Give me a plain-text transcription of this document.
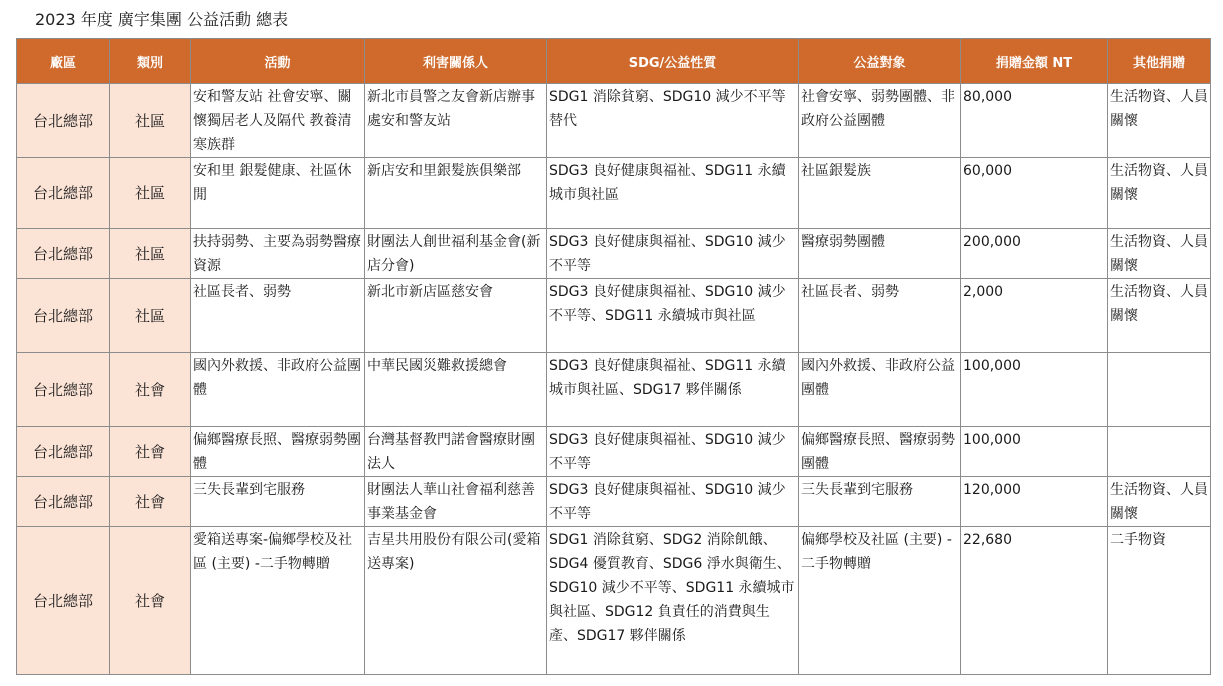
2023 年度 廣宇集團 公益活動 總表
廠區	類別	活動	利害關係人	SDG/公益性質	公益對象	捐贈金額 NT	其他捐贈
台北總部	社區	安和警友站 社會安寧、關懷獨居老人及隔代 教養清寒族群	新北市員警之友會新店辦事處安和警友站	SDG1 消除貧窮、SDG10 減少不平等替代	社會安寧、弱勢團體、非政府公益團體	80,000	生活物資、人員關懷
台北總部	社區	安和里 銀髮健康、社區休閒	新店安和里銀髮族俱樂部	SDG3 良好健康與福祉、SDG11 永續城市與社區	社區銀髮族	60,000	生活物資、人員關懷
台北總部	社區	扶持弱勢、主要為弱勢醫療資源	財團法人創世福利基金會(新店分會)	SDG3 良好健康與福祉、SDG10 減少不平等	醫療弱勢團體	200,000	生活物資、人員關懷
台北總部	社區	社區長者、弱勢	新北市新店區慈安會	SDG3 良好健康與福祉、SDG10 減少不平等、SDG11 永續城市與社區	社區長者、弱勢	2,000	生活物資、人員關懷
台北總部	社會	國內外救援、非政府公益團體	中華民國災難救援總會	SDG3 良好健康與福祉、SDG11 永續城市與社區、SDG17 夥伴關係	國內外救援、非政府公益團體	100,000	
台北總部	社會	偏鄉醫療長照、醫療弱勢團體	台灣基督教門諾會醫療財團法人	SDG3 良好健康與福祉、SDG10 減少不平等	偏鄉醫療長照、醫療弱勢團體	100,000	
台北總部	社會	三失長輩到宅服務	財團法人華山社會福利慈善事業基金會	SDG3 良好健康與福祉、SDG10 減少不平等	三失長輩到宅服務	120,000	生活物資、人員關懷
台北總部	社會	愛箱送專案-偏鄉學校及社區 (主要) -二手物轉贈	吉星共用股份有限公司(愛箱送專案)	SDG1 消除貧窮、SDG2 消除飢餓、SDG4 優質教育、SDG6 淨水與衛生、SDG10 減少不平等、SDG11 永續城市與社區、SDG12 負責任的消費與生產、SDG17 夥伴關係	偏鄉學校及社區 (主要) -二手物轉贈	22,680	二手物資
